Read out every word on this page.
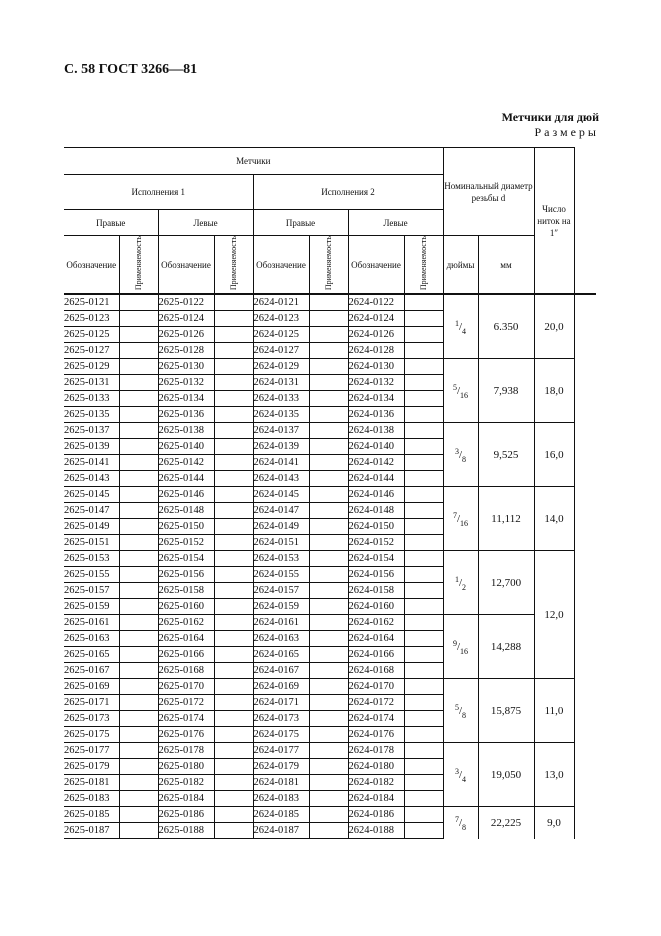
С. 58 ГОСТ 3266—81
Метчики для дюй
Размеры
Метчики								Номинальный диаметр резьбы d		Число ниток на 1″	
Исполнения 1				Исполнения 2							
Правые		Левые		Правые		Левые					
Обозначение	Применяемость	Обозначение	Применяемость	Обозначение	Применяемость	Обозначение	Применяемость	дюймы	мм		
2625-0121		2625-0122		2624-0121		2624-0122		$^1/_4$	6.350	20,0	
2625-0123		2625-0124		2624-0123		2624-0124					
2625-0125		2625-0126		2624-0125		2624-0126					
2625-0127		2625-0128		2624-0127		2624-0128					
2625-0129		2625-0130		2624-0129		2624-0130		$^5/_{16}$	7,938	18,0	
2625-0131		2625-0132		2624-0131		2624-0132					
2625-0133		2625-0134		2624-0133		2624-0134					
2625-0135		2625-0136		2624-0135		2624-0136					
2625-0137		2625-0138		2624-0137		2624-0138		$^3/_8$	9,525	16,0	
2625-0139		2625-0140		2624-0139		2624-0140					
2625-0141		2625-0142		2624-0141		2624-0142					
2625-0143		2625-0144		2624-0143		2624-0144					
2625-0145		2625-0146		2624-0145		2624-0146		$^7/_{16}$	11,112	14,0	
2625-0147		2625-0148		2624-0147		2624-0148					
2625-0149		2625-0150		2624-0149		2624-0150					
2625-0151		2625-0152		2624-0151		2624-0152					
2625-0153		2625-0154		2624-0153		2624-0154		$^1/_2$	12,700	12,0	
2625-0155		2625-0156		2624-0155		2624-0156					
2625-0157		2625-0158		2624-0157		2624-0158					
2625-0159		2625-0160		2624-0159		2624-0160					
2625-0161		2625-0162		2624-0161		2624-0162		$^9/_{16}$	14,288		
2625-0163		2625-0164		2624-0163		2624-0164					
2625-0165		2625-0166		2624-0165		2624-0166					
2625-0167		2625-0168		2624-0167		2624-0168					
2625-0169		2625-0170		2624-0169		2624-0170		$^5/_8$	15,875	11,0	
2625-0171		2625-0172		2624-0171		2624-0172					
2625-0173		2625-0174		2624-0173		2624-0174					
2625-0175		2625-0176		2624-0175		2624-0176					
2625-0177		2625-0178		2624-0177		2624-0178		$^3/_4$	19,050	13,0	
2625-0179		2625-0180		2624-0179		2624-0180					
2625-0181		2625-0182		2624-0181		2624-0182					
2625-0183		2625-0184		2624-0183		2624-0184					
2625-0185		2625-0186		2624-0185		2624-0186		$^7/_8$	22,225	9,0	
2625-0187		2625-0188		2624-0187		2624-0188					
